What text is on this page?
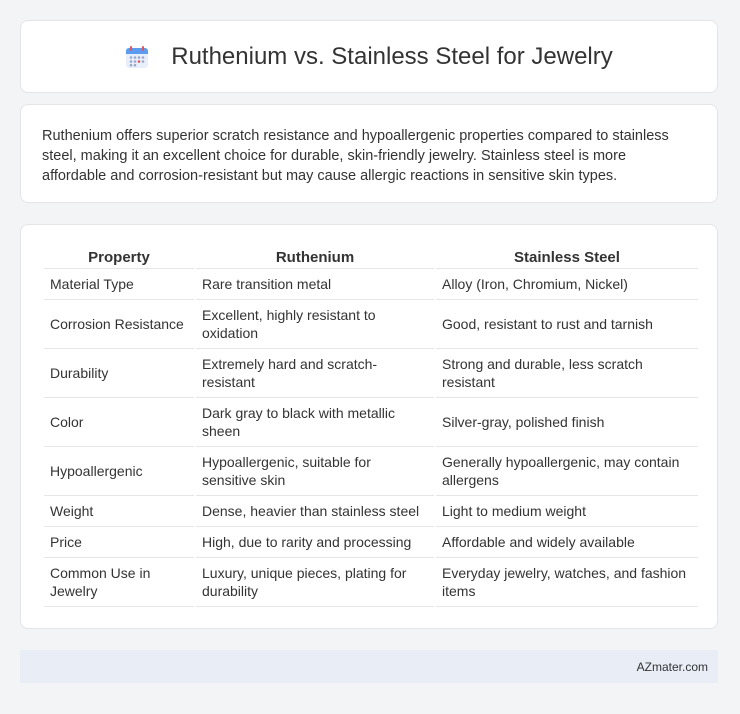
Ruthenium vs. Stainless Steel for Jewelry

Ruthenium offers superior scratch resistance and hypoallergenic properties compared to stainless steel, making it an excellent choice for durable, skin-friendly jewelry. Stainless steel is more affordable and corrosion-resistant but may cause allergic reactions in sensitive skin types.

Property	Ruthenium	Stainless Steel
Material Type	Rare transition metal	Alloy (Iron, Chromium, Nickel)
Corrosion Resistance	Excellent, highly resistant to oxidation	Good, resistant to rust and tarnish
Durability	Extremely hard and scratch-resistant	Strong and durable, less scratch resistant
Color	Dark gray to black with metallic sheen	Silver-gray, polished finish
Hypoallergenic	Hypoallergenic, suitable for sensitive skin	Generally hypoallergenic, may contain allergens
Weight	Dense, heavier than stainless steel	Light to medium weight
Price	High, due to rarity and processing	Affordable and widely available
Common Use in Jewelry	Luxury, unique pieces, plating for durability	Everyday jewelry, watches, and fashion items
AZmater.com
